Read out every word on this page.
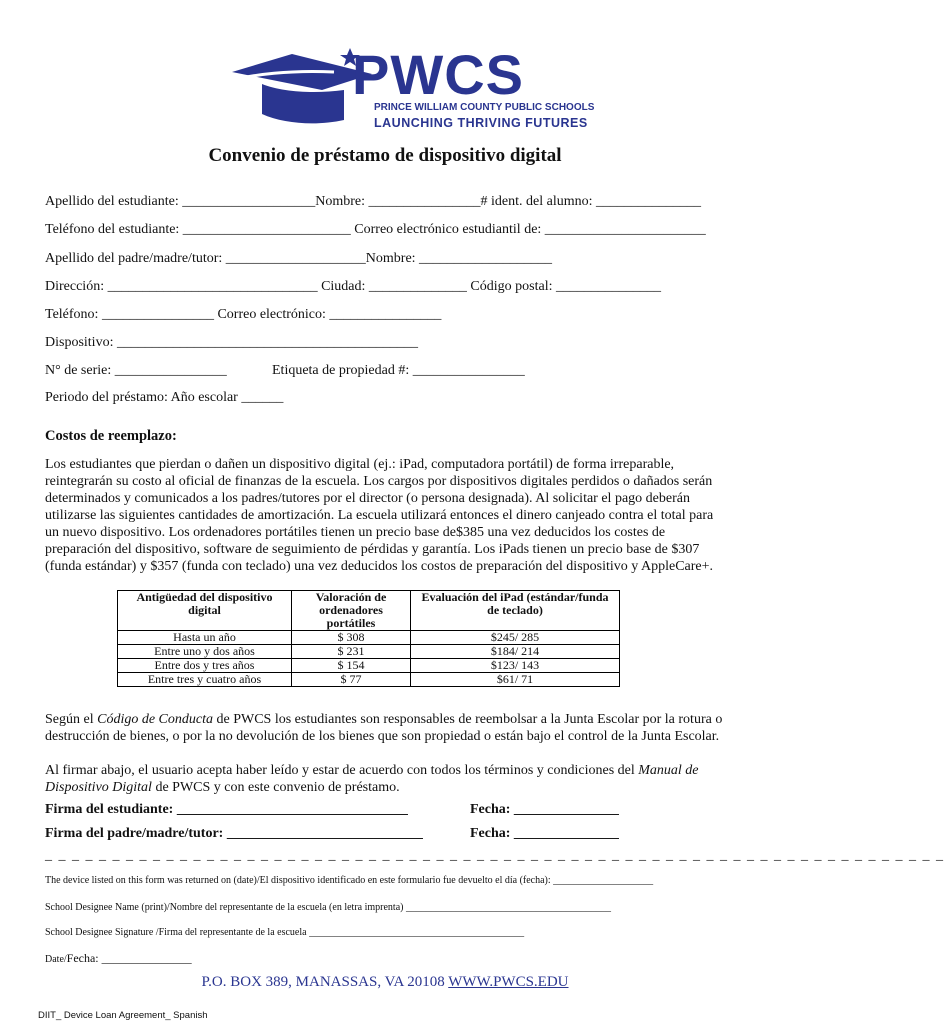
PWCS
PRINCE WILLIAM COUNTY PUBLIC SCHOOLS
LAUNCHING THRIVING FUTURES
Convenio de préstamo de dispositivo digital
Apellido del estudiante: ___________________Nombre: ________________# ident. del alumno: _______________
Teléfono del estudiante: ________________________ Correo electrónico estudiantil de: _______________________
Apellido del padre/madre/tutor: ____________________Nombre: ___________________
Dirección: ______________________________ Ciudad: ______________ Código postal: _______________
Teléfono: ________________ Correo electrónico: ________________
Dispositivo: ___________________________________________
N° de serie: ________________	Etiqueta de propiedad #: ________________
Periodo del préstamo: Año escolar ______
Costos de reemplazo:
Los estudiantes que pierdan o dañen un dispositivo digital (ej.: iPad, computadora portátil) de forma irreparable, reintegrarán su costo al oficial de finanzas de la escuela. Los cargos por dispositivos digitales perdidos o dañados serán determinados y comunicados a los padres/tutores por el director (o persona designada). Al solicitar el pago deberán utilizarse las siguientes cantidades de amortización. La escuela utilizará entonces el dinero canjeado contra el total para un nuevo dispositivo. Los ordenadores portátiles tienen un precio base de$385 una vez deducidos los costes de preparación del dispositivo, software de seguimiento de pérdidas y garantía. Los iPads tienen un precio base de $307 (funda estándar) y $357 (funda con teclado) una vez deducidos los costos de preparación del dispositivo y AppleCare+.
Antigüedad del dispositivo digital	Valoración de ordenadores portátiles	Evaluación del iPad (estándar/funda de teclado)
Hasta un año	$ 308	$245/ 285
Entre uno y dos años	$ 231	$184/ 214
Entre dos y tres años	$ 154	$123/ 143
Entre tres y cuatro años	$ 77	$61/ 71
Según el Código de Conducta de PWCS los estudiantes son responsables de reembolsar a la Junta Escolar por la rotura o destrucción de bienes, o por la no devolución de los bienes que son propiedad o están bajo el control de la Junta Escolar.
Al firmar abajo, el usuario acepta haber leído y estar de acuerdo con todos los términos y condiciones del Manual de Dispositivo Digital de PWCS y con este convenio de préstamo.
Firma del estudiante: _________________________________	Fecha: _______________
Firma del padre/madre/tutor: ____________________________	Fecha: _______________
_ _ _ _ _ _ _ _ _ _ _ _ _ _ _ _ _ _ _ _ _ _ _ _ _ _ _ _ _ _ _ _ _ _ _ _ _ _ _ _ _ _ _ _ _ _ _ _ _ _ _ _ _ _ _ _ _ _ _ _ _ _ _ _ _ _ _
The device listed on this form was returned on (date)/El dispositivo identificado en este formulario fue devuelto el día (fecha): ____________________
School Designee Name (print)/Nombre del representante de la escuela (en letra imprenta) _________________________________________
School Designee Signature /Firma del representante de la escuela ___________________________________________
Date/Fecha: _______________
P.O. BOX 389, MANASSAS, VA 20108 WWW.PWCS.EDU
DIIT_ Device Loan Agreement_ Spanish
